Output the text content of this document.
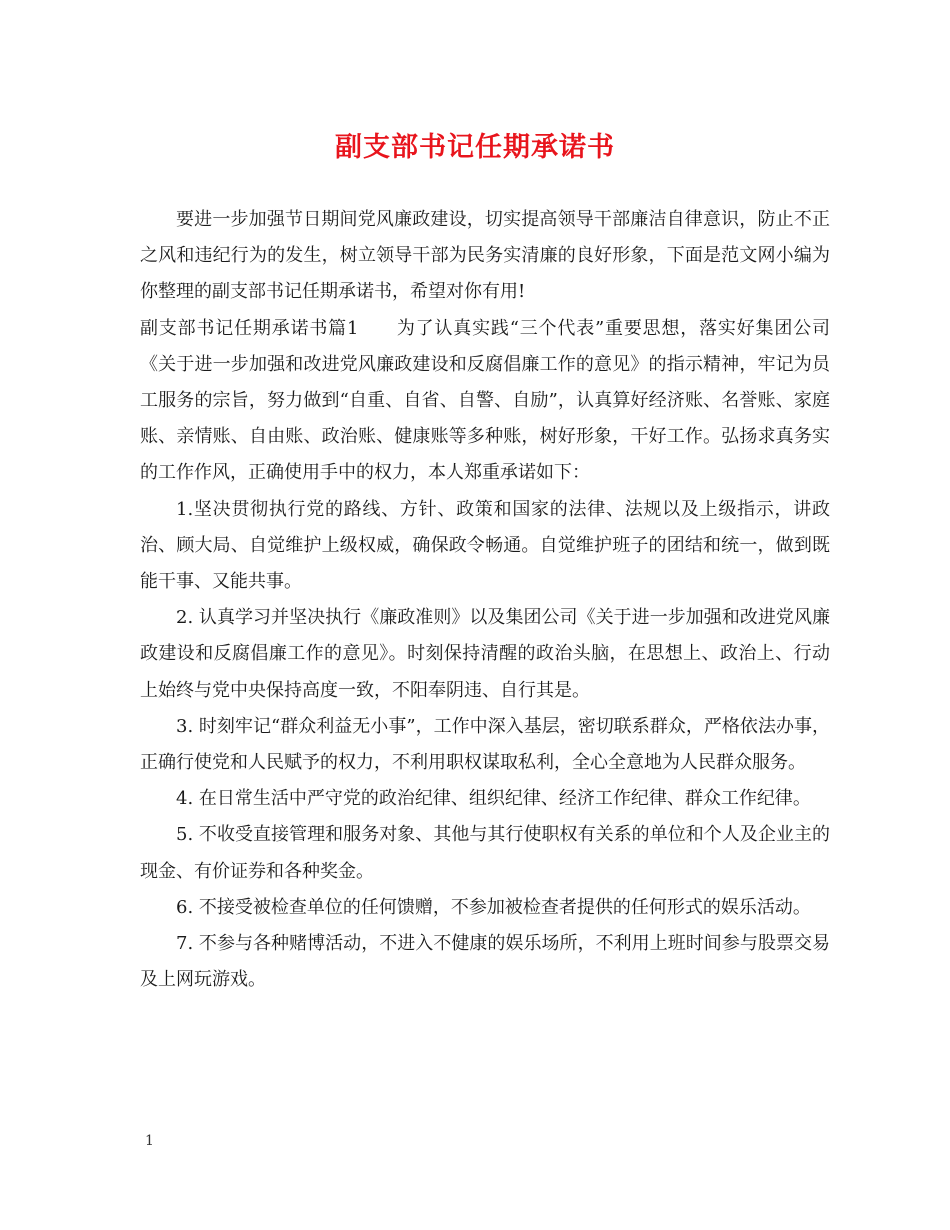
副支部书记任期承诺书

要进一步加强节日期间党风廉政建设，切实提高领导干部廉洁自律意识，防止不正之风和违纪行为的发生，树立领导干部为民务实清廉的良好形象，下面是范文网小编为你整理的副支部书记任期承诺书，希望对你有用!

副支部书记任期承诺书篇1　　为了认真实践“三个代表”重要思想，落实好集团公司《关于进一步加强和改进党风廉政建设和反腐倡廉工作的意见》的指示精神，牢记为员工服务的宗旨，努力做到“自重、自省、自警、自励”，认真算好经济账、名誉账、家庭账、亲情账、自由账、政治账、健康账等多种账，树好形象，干好工作。弘扬求真务实的工作作风，正确使用手中的权力，本人郑重承诺如下：

1.坚决贯彻执行党的路线、方针、政策和国家的法律、法规以及上级指示，讲政治、顾大局、自觉维护上级权威，确保政令畅通。自觉维护班子的团结和统一，做到既能干事、又能共事。

2. 认真学习并坚决执行《廉政准则》以及集团公司《关于进一步加强和改进党风廉政建设和反腐倡廉工作的意见》。时刻保持清醒的政治头脑，在思想上、政治上、行动上始终与党中央保持高度一致，不阳奉阴违、自行其是。

3. 时刻牢记“群众利益无小事”，工作中深入基层，密切联系群众，严格依法办事，正确行使党和人民赋予的权力，不利用职权谋取私利，全心全意地为人民群众服务。

4. 在日常生活中严守党的政治纪律、组织纪律、经济工作纪律、群众工作纪律。

5. 不收受直接管理和服务对象、其他与其行使职权有关系的单位和个人及企业主的现金、有价证券和各种奖金。

6. 不接受被检查单位的任何馈赠，不参加被检查者提供的任何形式的娱乐活动。

7. 不参与各种赌博活动，不进入不健康的娱乐场所，不利用上班时间参与股票交易及上网玩游戏。

1
